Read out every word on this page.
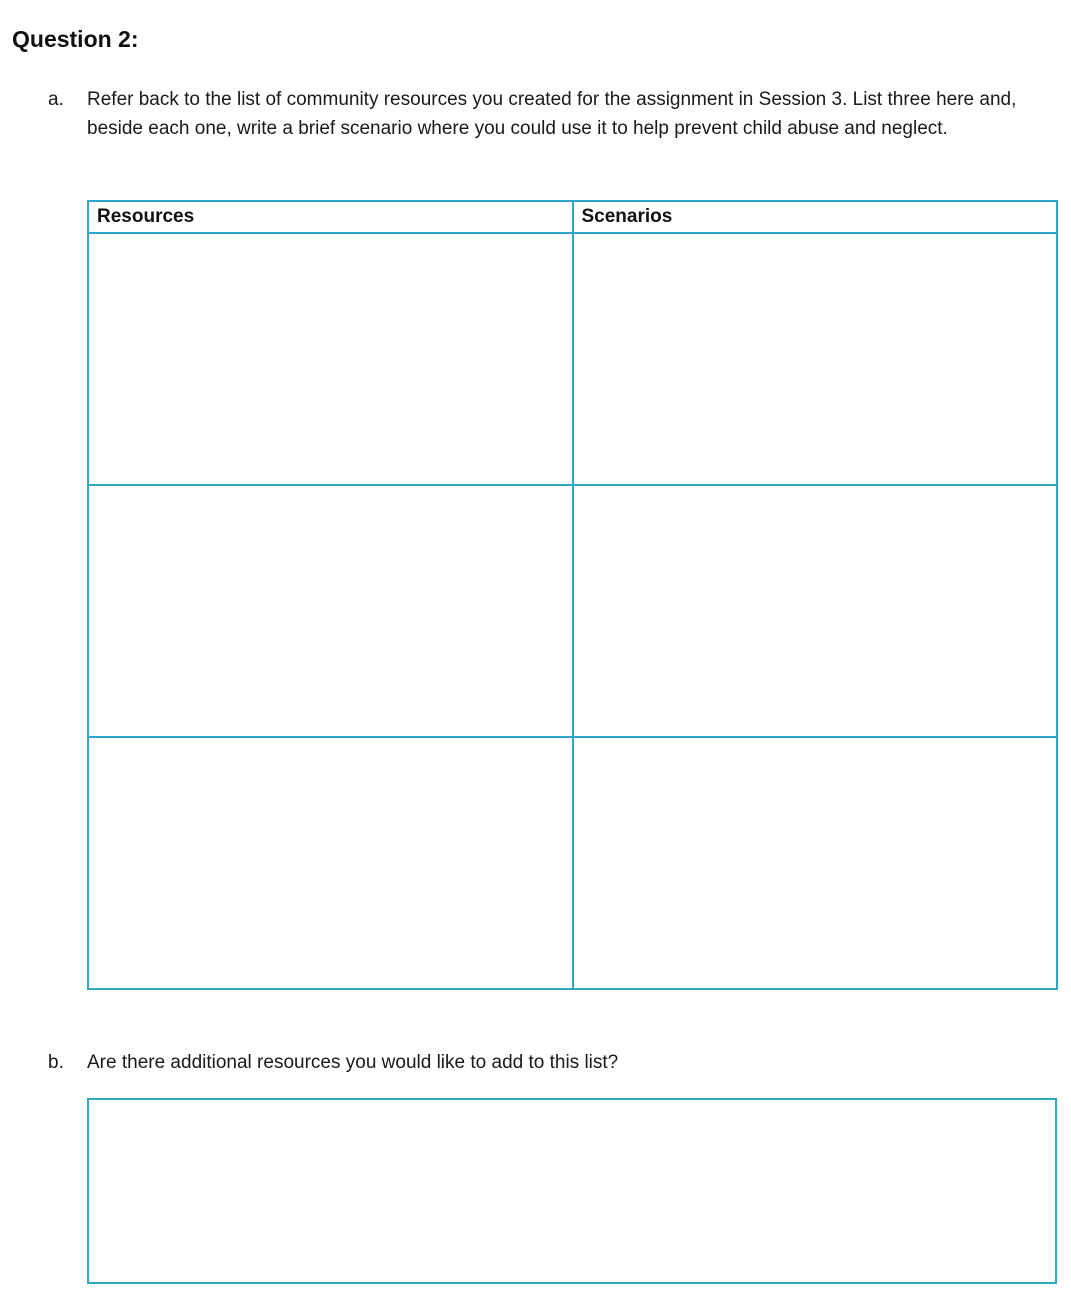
Question 2:
a.	Refer back to the list of community resources you created for the assignment in Session 3. List three here and, beside each one, write a brief scenario where you could use it to help prevent child abuse and neglect.
Resources	Scenarios

b.	Are there additional resources you would like to add to this list?
